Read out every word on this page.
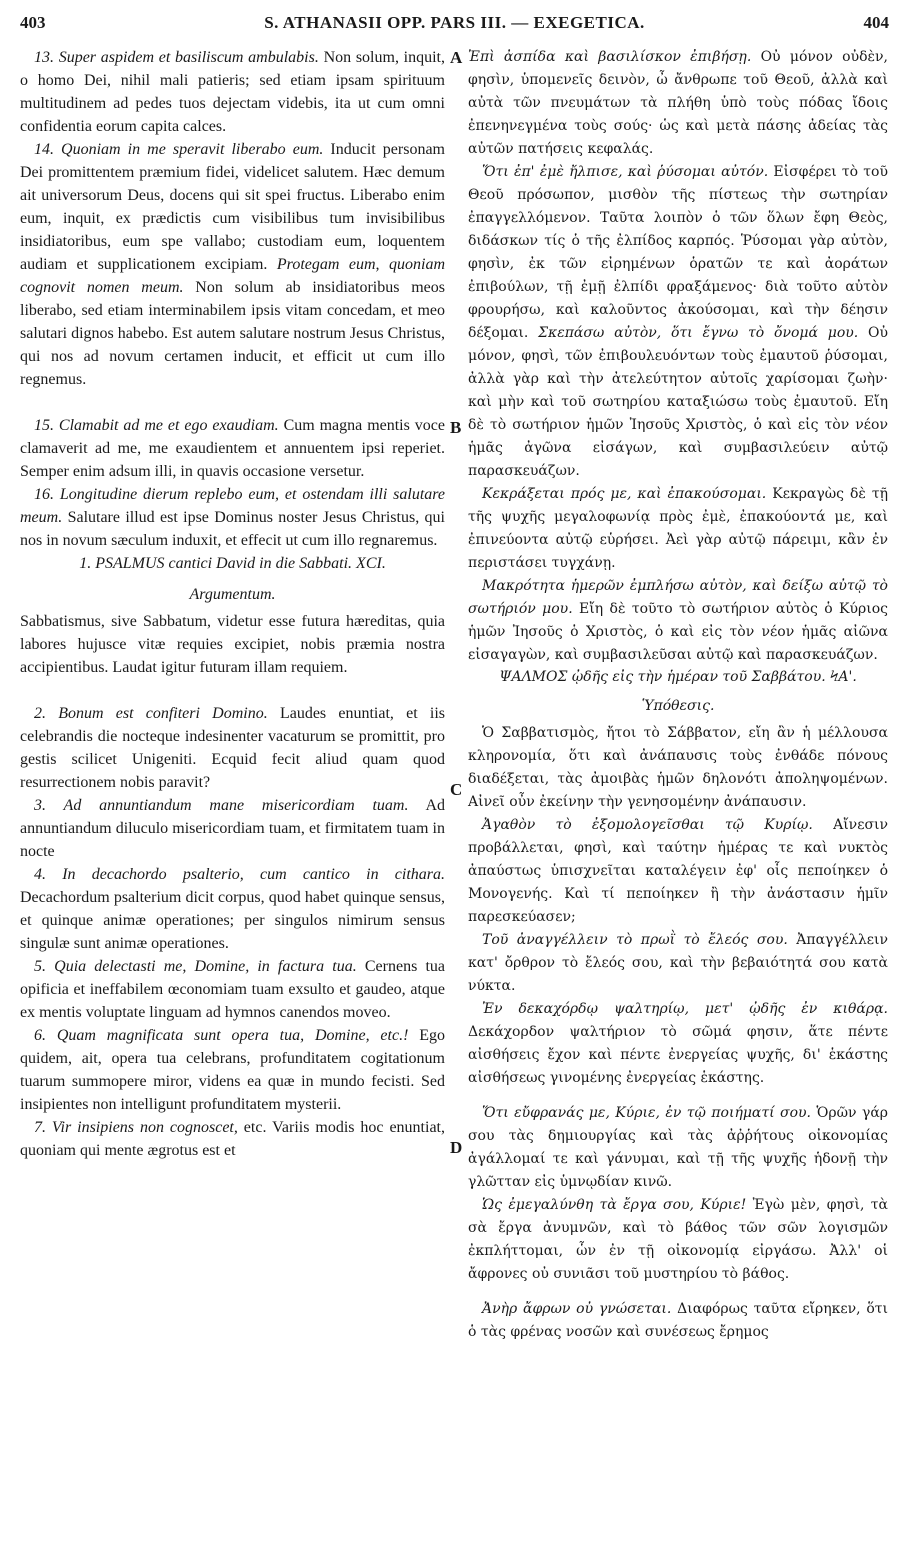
403	S. ATHANASII OPP. PARS III. — EXEGETICA.	404
A
B
C
D

13. Super aspidem et basiliscum ambulabis. Non solum, inquit, o homo Dei, nihil mali patieris; sed etiam ipsam spirituum multitudinem ad pedes tuos dejectam videbis, ita ut cum omni confidentia eorum capita calces.

14. Quoniam in me speravit liberabo eum. Inducit personam Dei promittentem præmium fidei, videlicet salutem. Hæc demum ait universorum Deus, docens qui sit spei fructus. Liberabo enim eum, inquit, ex prædictis cum visibilibus tum invisibilibus insidiatoribus, eum spe vallabo; custodiam eum, loquentem audiam et supplicationem excipiam. Protegam eum, quoniam cognovit nomen meum. Non solum ab insidiatoribus meos liberabo, sed etiam interminabilem ipsis vitam concedam, et meo salutari dignos habebo. Est autem salutare nostrum Jesus Christus, qui nos ad novum certamen inducit, et efficit ut cum illo regnemus.

15. Clamabit ad me et ego exaudiam. Cum magna mentis voce clamaverit ad me, me exaudientem et annuentem ipsi reperiet. Semper enim adsum illi, in quavis occasione versetur.

16. Longitudine dierum replebo eum, et ostendam illi salutare meum. Salutare illud est ipse Dominus noster Jesus Christus, qui nos in novum sæculum induxit, et effecit ut cum illo regnaremus.

1. PSALMUS cantici David in die Sabbati. XCI.

Argumentum.

Sabbatismus, sive Sabbatum, videtur esse futura hæreditas, quia labores hujusce vitæ requies excipiet, nobis præmia nostra accipientibus. Laudat igitur futuram illam requiem.

2. Bonum est confiteri Domino. Laudes enuntiat, et iis celebrandis die nocteque indesinenter vacaturum se promittit, pro gestis scilicet Unigeniti. Ecquid fecit aliud quam quod resurrectionem nobis paravit?

3. Ad annuntiandum mane misericordiam tuam. Ad annuntiandum diluculo misericordiam tuam, et firmitatem tuam in nocte

4. In decachordo psalterio, cum cantico in cithara. Decachordum psalterium dicit corpus, quod habet quinque sensus, et quinque animæ operationes; per singulos nimirum sensus singulæ sunt animæ operationes.

5. Quia delectasti me, Domine, in factura tua. Cernens tua opificia et ineffabilem œconomiam tuam exsulto et gaudeo, atque ex mentis voluptate linguam ad hymnos canendos moveo.

6. Quam magnificata sunt opera tua, Domine, etc.! Ego quidem, ait, opera tua celebrans, profunditatem cogitationum tuarum summopere miror, videns ea quæ in mundo fecisti. Sed insipientes non intelligunt profunditatem mysterii.

7. Vir insipiens non cognoscet, etc. Variis modis hoc enuntiat, quoniam qui mente ægrotus est et

Ἐπὶ ἀσπίδα καὶ βασιλίσκον ἐπιβήσῃ. Οὐ μόνον οὐδὲν, φησὶν, ὑπομενεῖς δεινὸν, ὦ ἄνθρωπε τοῦ Θεοῦ, ἀλλὰ καὶ αὐτὰ τῶν πνευμάτων τὰ πλήθη ὑπὸ τοὺς πόδας ἴδοις ἐπενηνεγμένα τοὺς σούς· ὡς καὶ μετὰ πάσης ἀδείας τὰς αὐτῶν πατήσεις κεφαλάς.

Ὅτι ἐπ' ἐμὲ ἤλπισε, καὶ ῥύσομαι αὐτόν. Εἰσφέρει τὸ τοῦ Θεοῦ πρόσωπον, μισθὸν τῆς πίστεως τὴν σωτηρίαν ἐπαγγελλόμενον. Ταῦτα λοιπὸν ὁ τῶν ὅλων ἔφη Θεὸς, διδάσκων τίς ὁ τῆς ἐλπίδος καρπός. Ῥύσομαι γὰρ αὐτὸν, φησὶν, ἐκ τῶν εἰρημένων ὁρατῶν τε καὶ ἀοράτων ἐπιβούλων, τῇ ἐμῇ ἐλπίδι φραξάμενος· διὰ τοῦτο αὐτὸν φρουρήσω, καὶ καλοῦντος ἀκούσομαι, καὶ τὴν δέησιν δέξομαι. Σκεπάσω αὐτὸν, ὅτι ἔγνω τὸ ὄνομά μου. Οὐ μόνον, φησὶ, τῶν ἐπιβουλευόντων τοὺς ἐμαυτοῦ ῥύσομαι, ἀλλὰ γὰρ καὶ τὴν ἀτελεύτητον αὐτοῖς χαρίσομαι ζωὴν· καὶ μὴν καὶ τοῦ σωτηρίου καταξιώσω τοὺς ἐμαυτοῦ. Εἴη δὲ τὸ σωτήριον ἡμῶν Ἰησοῦς Χριστὸς, ὁ καὶ εἰς τὸν νέον ἡμᾶς ἀγῶνα εἰσάγων, καὶ συμβασιλεύειν αὐτῷ παρασκευάζων.

Κεκράξεται πρός με, καὶ ἐπακούσομαι. Κεκραγὼς δὲ τῇ τῆς ψυχῆς μεγαλοφωνίᾳ πρὸς ἐμὲ, ἐπακούοντά με, καὶ ἐπινεύοντα αὐτῷ εὑρήσει. Ἀεὶ γὰρ αὐτῷ πάρειμι, κἂν ἐν περιστάσει τυγχάνῃ.

Μακρότητα ἡμερῶν ἐμπλήσω αὐτὸν, καὶ δείξω αὐτῷ τὸ σωτήριόν μου. Εἴη δὲ τοῦτο τὸ σωτήριον αὐτὸς ὁ Κύριος ἡμῶν Ἰησοῦς ὁ Χριστὸς, ὁ καὶ εἰς τὸν νέον ἡμᾶς αἰῶνα εἰσαγαγὼν, καὶ συμβασιλεῦσαι αὐτῷ καὶ παρασκευάζων.

ΨΑΛΜΟΣ ᾠδῆς εἰς τὴν ἡμέραν τοῦ Σαββάτου. ϞΑ'.

Ὑπόθεσις.

Ὁ Σαββατισμὸς, ἤτοι τὸ Σάββατον, εἴη ἂν ἡ μέλλουσα κληρονομία, ὅτι καὶ ἀνάπαυσις τοὺς ἐνθάδε πόνους διαδέξεται, τὰς ἀμοιβὰς ἡμῶν δηλονότι ἀποληψομένων. Αἰνεῖ οὖν ἐκείνην τὴν γενησομένην ἀνάπαυσιν.

Ἀγαθὸν τὸ ἐξομολογεῖσθαι τῷ Κυρίῳ. Αἴνεσιν προβάλλεται, φησὶ, καὶ ταύτην ἡμέρας τε καὶ νυκτὸς ἀπαύστως ὑπισχνεῖται καταλέγειν ἐφ' οἷς πεποίηκεν ὁ Μονογενής. Καὶ τί πεποίηκεν ἢ τὴν ἀνάστασιν ἡμῖν παρεσκεύασεν;

Τοῦ ἀναγγέλλειν τὸ πρωῒ τὸ ἔλεός σου. Ἀπαγγέλλειν κατ' ὄρθρον τὸ ἔλεός σου, καὶ τὴν βεβαιότητά σου κατὰ νύκτα.

Ἐν δεκαχόρδῳ ψαλτηρίῳ, μετ' ᾠδῆς ἐν κιθάρᾳ. Δεκάχορδον ψαλτήριον τὸ σῶμά φησιν, ἅτε πέντε αἰσθήσεις ἔχον καὶ πέντε ἐνεργείας ψυχῆς, δι' ἑκάστης αἰσθήσεως γινομένης ἐνεργείας ἑκάστης.

Ὅτι εὔφρανάς με, Κύριε, ἐν τῷ ποιήματί σου. Ὁρῶν γάρ σου τὰς δημιουργίας καὶ τὰς ἀῤῥήτους οἰκονομίας ἀγάλλομαί τε καὶ γάνυμαι, καὶ τῇ τῆς ψυχῆς ἡδονῇ τὴν γλῶτταν εἰς ὑμνῳδίαν κινῶ.

Ὡς ἐμεγαλύνθη τὰ ἔργα σου, Κύριε! Ἐγὼ μὲν, φησὶ, τὰ σὰ ἔργα ἀνυμνῶν, καὶ τὸ βάθος τῶν σῶν λογισμῶν ἐκπλήττομαι, ὧν ἐν τῇ οἰκονομίᾳ εἰργάσω. Ἀλλ' οἱ ἄφρονες οὐ συνιᾶσι τοῦ μυστηρίου τὸ βάθος.

Ἀνὴρ ἄφρων οὐ γνώσεται. Διαφόρως ταῦτα εἴρηκεν, ὅτι ὁ τὰς φρένας νοσῶν καὶ συνέσεως ἔρημος
